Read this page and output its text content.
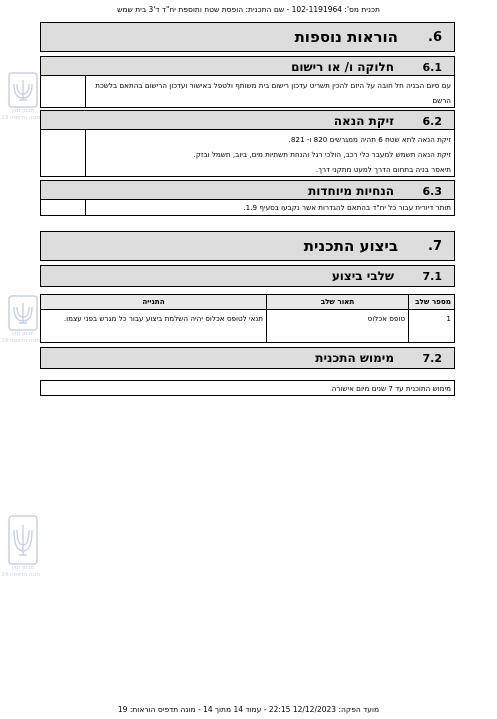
תכנית מס': 102-1191964 - שם התכנית: הופסת שטח ותוספת יח"ד ד'3 בית שמש
תכנון זמין
מונה הדפסה 19
תכנון זמין
מונה הדפסה 19
תכנון זמין
מונה הדפסה 19
6.
הוראות נוספות
6.1
חלוקה ו/ או רישום
עם סיום הבניה חל חובה על היזם להכין תשריט עדכון רישום בית משותף ולטפל באישור ועדכון הרישום בהתאם בלשכת הרשם
6.2
זיקת הנאה
זיקת הנאה לתא שטח 6 תהיה ממגרשים 820 ו- 821.
זיקת הנאה תשמש למעבר כלי רכב, הולכי רגל והנחת תשתיות מים, ביוב, חשמל ובזק.
תיאסר בניה בתחום הדרך למעט מתקני דרך.
6.3
הנחיות מיוחדות
תותר דיורית עבור כל יח"ד בהתאם להגדרות אשר נקבעו בסעיף 1.9.
7.
ביצוע התכנית
7.1
שלבי ביצוע
מספר שלב	תאור שלב	התנייה
1	טופס אכלוס	תנאי לטופס אכלוס יהיה השלמת ביצוע עבור כל מגרש בפני עצמו.
7.2
מימוש התכנית
מימוש התוכנית עד 7 שנים מיום אישורה
מועד הפקה: 12/12/2023 22:15 - עמוד 14 מתוך 14 - מונה תדפיס הוראות: 19
